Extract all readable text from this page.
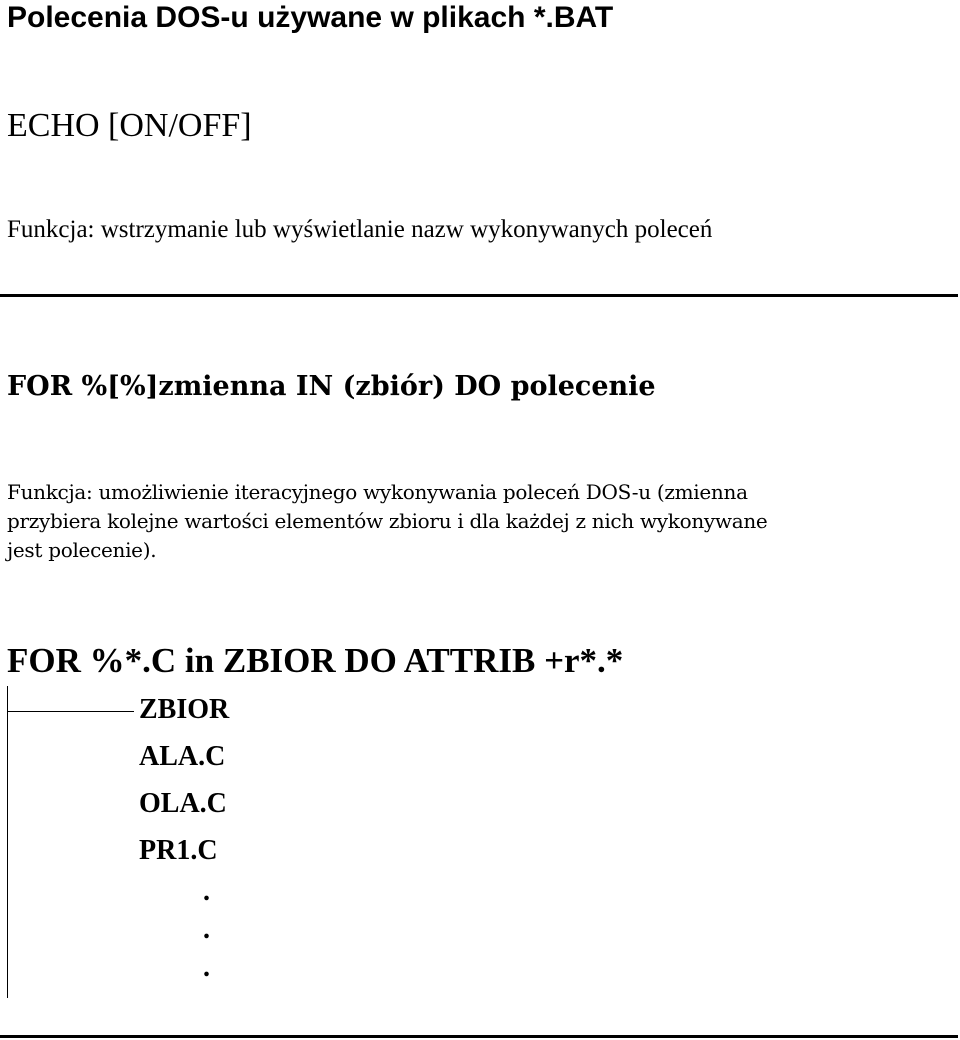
Polecenia DOS-u używane w plikach *.BAT
ECHO [ON/OFF]
Funkcja: wstrzymanie lub wyświetlanie nazw wykonywanych poleceń
FOR %[%]zmienna IN (zbiór) DO polecenie
Funkcja: umożliwienie iteracyjnego wykonywania poleceń DOS-u (zmienna
przybiera kolejne wartości elementów zbioru i dla każdej z nich wykonywane
jest polecenie).
FOR %*.C in ZBIOR DO ATTRIB +r*.*
ZBIOR
ALA.C
OLA.C
PR1.C
.
.
.
